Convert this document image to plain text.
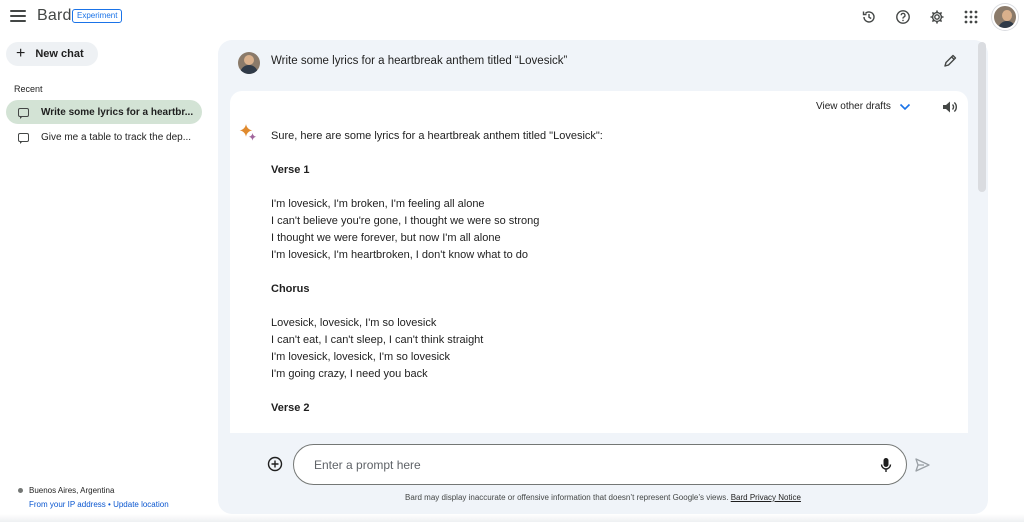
Bard Experiment
+ New chat
Recent
Write some lyrics for a heartbr...
Give me a table to track the dep...
Buenos Aires, Argentina
From your IP address • Update location
Write some lyrics for a heartbreak anthem titled “Lovesick”
View other drafts

Sure, here are some lyrics for a heartbreak anthem titled "Lovesick":

Verse 1

I'm lovesick, I'm broken, I'm feeling all alone

I can't believe you're gone, I thought we were so strong

I thought we were forever, but now I'm all alone

I'm lovesick, I'm heartbroken, I don't know what to do

Chorus

Lovesick, lovesick, I'm so lovesick

I can't eat, I can't sleep, I can't think straight

I'm lovesick, lovesick, I'm so lovesick

I'm going crazy, I need you back

Verse 2

Enter a prompt here
Bard may display inaccurate or offensive information that doesn’t represent Google’s views. Bard Privacy Notice
